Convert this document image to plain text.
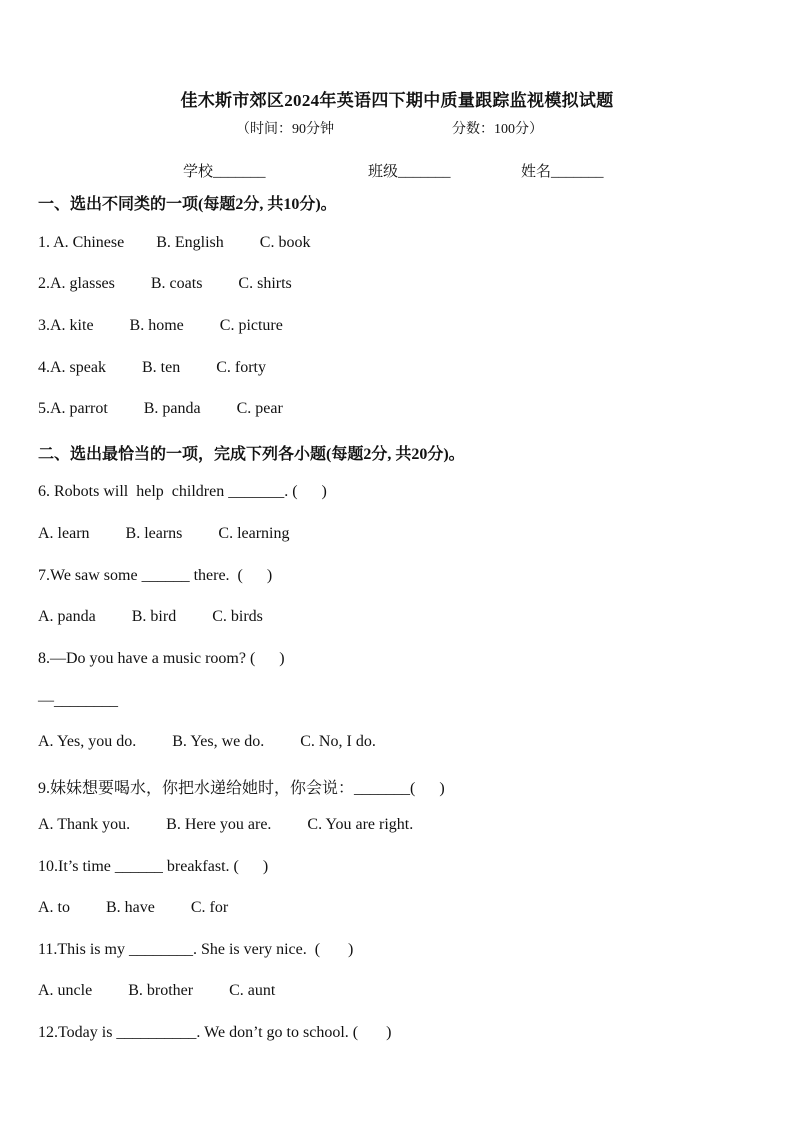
佳木斯市郊区2024年英语四下期中质量跟踪监视模拟试题
（时间：90分钟	分数：100分）
学校_______	班级_______	姓名_______
一、选出不同类的一项(每题2分, 共10分)。
1. A. Chinese        B. English         C. book
2.A. glasses         B. coats         C. shirts
3.A. kite         B. home         C. picture
4.A. speak         B. ten         C. forty
5.A. parrot         B. panda         C. pear
二、选出最恰当的一项，完成下列各小题(每题2分, 共20分)。
6. Robots will  help  children _______. (      )
A. learn         B. learns         C. learning
7.We saw some ______ there.  (      )
A. panda         B. bird         C. birds
8.—Do you have a music room? (      )
—________
A. Yes, you do.         B. Yes, we do.         C. No, I do.
9.妹妹想要喝水，你把水递给她时，你会说：_______(      )
A. Thank you.         B. Here you are.         C. You are right.
10.It’s time ______ breakfast. (      )
A. to         B. have         C. for
11.This is my ________. She is very nice.  (       )
A. uncle         B. brother         C. aunt
12.Today is __________. We don’t go to school. (       )
